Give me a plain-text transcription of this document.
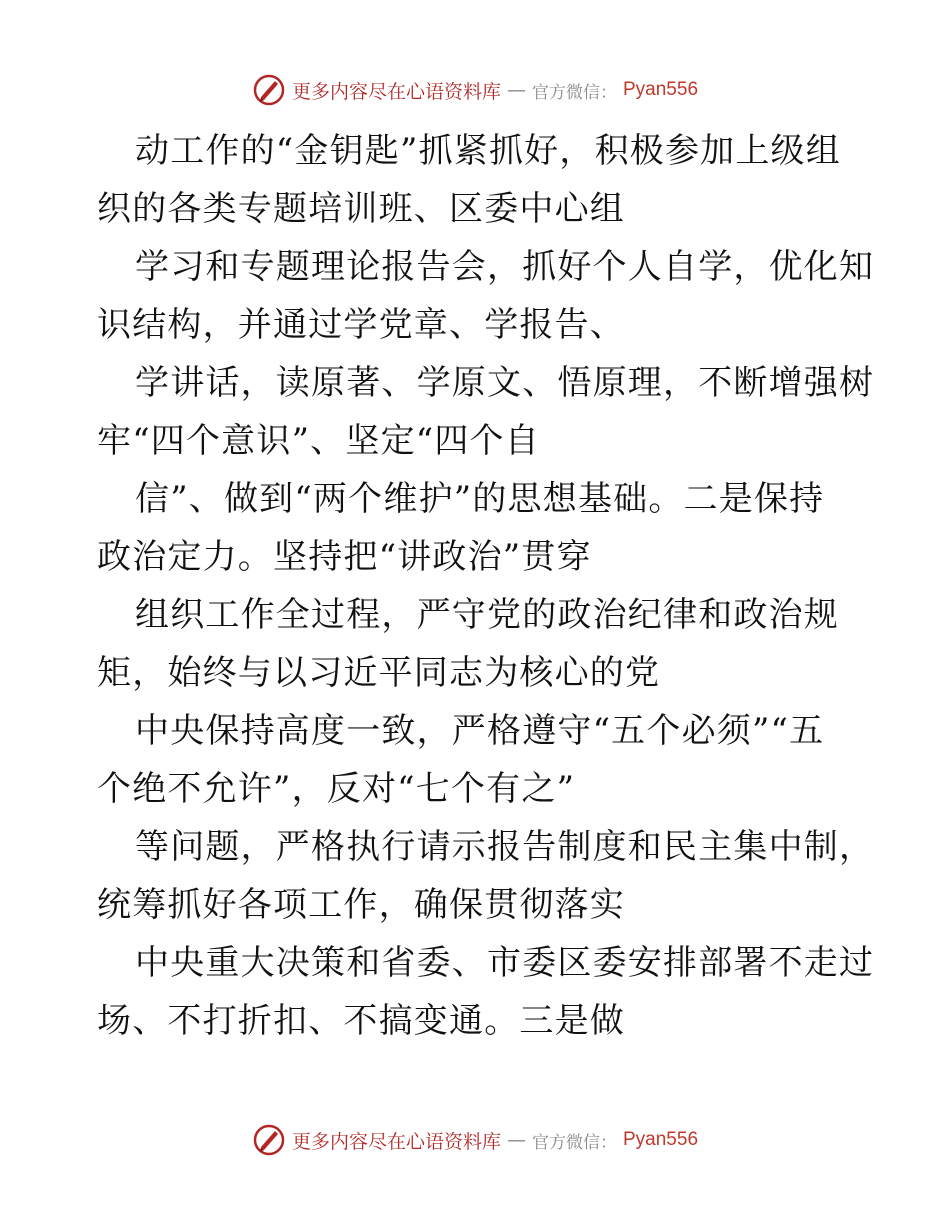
更多内容尽在心语资料库 — 官方微信： Pyan556
动工作的“金钥匙”抓紧抓好，积极参加上级组
织的各类专题培训班、区委中心组
学习和专题理论报告会，抓好个人自学，优化知
识结构，并通过学党章、学报告、
学讲话，读原著、学原文、悟原理，不断增强树
牢“四个意识”、坚定“四个自
信”、做到“两个维护”的思想基础。二是保持
政治定力。坚持把“讲政治”贯穿
组织工作全过程，严守党的政治纪律和政治规
矩，始终与以习近平同志为核心的党
中央保持高度一致，严格遵守“五个必须”“五
个绝不允许”，反对“七个有之”
等问题，严格执行请示报告制度和民主集中制，
统筹抓好各项工作，确保贯彻落实
中央重大决策和省委、市委区委安排部署不走过
场、不打折扣、不搞变通。三是做
更多内容尽在心语资料库 — 官方微信： Pyan556
